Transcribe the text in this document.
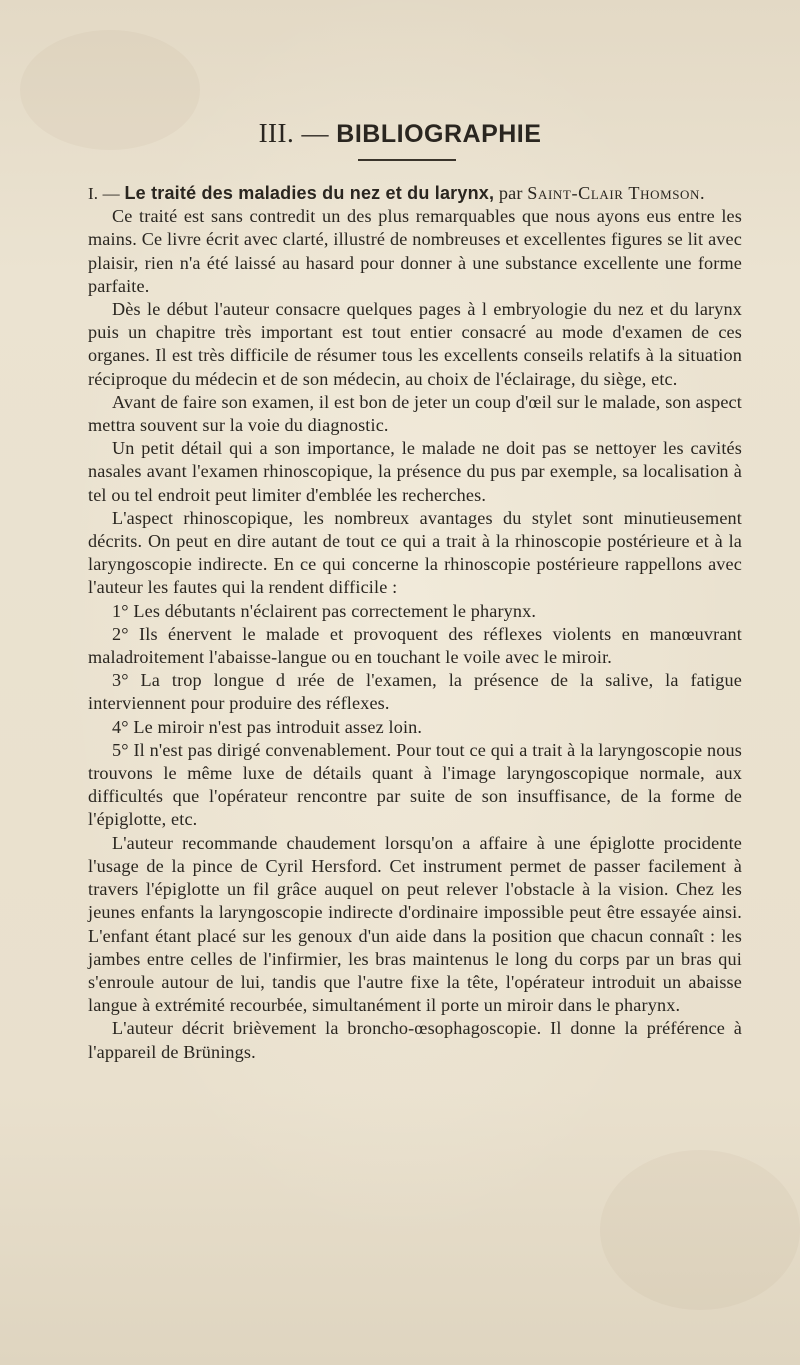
III. — BIBLIOGRAPHIE

I. — Le traité des maladies du nez et du larynx, par Saint-Clair Thomson.

Ce traité est sans contredit un des plus remarquables que nous ayons eus entre les mains. Ce livre écrit avec clarté, illustré de nombreuses et excellentes figures se lit avec plaisir, rien n'a été laissé au hasard pour donner à une substance excellente une forme parfaite.

Dès le début l'auteur consacre quelques pages à l embryologie du nez et du larynx puis un chapitre très important est tout entier consacré au mode d'examen de ces organes. Il est très difficile de résumer tous les excellents conseils relatifs à la situation réciproque du médecin et de son médecin, au choix de l'éclairage, du siège, etc.

Avant de faire son examen, il est bon de jeter un coup d'œil sur le malade, son aspect mettra souvent sur la voie du diagnostic.

Un petit détail qui a son importance, le malade ne doit pas se nettoyer les cavités nasales avant l'examen rhinoscopique, la présence du pus par exemple, sa localisation à tel ou tel endroit peut limiter d'emblée les recherches.

L'aspect rhinoscopique, les nombreux avantages du stylet sont minutieusement décrits. On peut en dire autant de tout ce qui a trait à la rhinoscopie postérieure et à la laryngoscopie indirecte. En ce qui concerne la rhinoscopie postérieure rappellons avec l'auteur les fautes qui la rendent difficile :

1° Les débutants n'éclairent pas correctement le pharynx.

2° Ils énervent le malade et provoquent des réflexes violents en manœuvrant maladroitement l'abaisse-langue ou en touchant le voile avec le miroir.

3° La trop longue d ırée de l'examen, la présence de la salive, la fatigue interviennent pour produire des réflexes.

4° Le miroir n'est pas introduit assez loin.

5° Il n'est pas dirigé convenablement. Pour tout ce qui a trait à la laryngoscopie nous trouvons le même luxe de détails quant à l'image laryngoscopique normale, aux difficultés que l'opérateur rencontre par suite de son insuffisance, de la forme de l'épiglotte, etc.

L'auteur recommande chaudement lorsqu'on a affaire à une épiglotte procidente l'usage de la pince de Cyril Hersford. Cet instrument permet de passer facilement à travers l'épiglotte un fil grâce auquel on peut relever l'obstacle à la vision. Chez les jeunes enfants la laryngoscopie indirecte d'ordinaire impossible peut être essayée ainsi. L'enfant étant placé sur les genoux d'un aide dans la position que chacun connaît : les jambes entre celles de l'infirmier, les bras maintenus le long du corps par un bras qui s'enroule autour de lui, tandis que l'autre fixe la tête, l'opérateur introduit un abaisse langue à extrémité recourbée, simultanément il porte un miroir dans le pharynx.

L'auteur décrit brièvement la broncho-œsophagoscopie. Il donne la préférence à l'appareil de Brünings.
